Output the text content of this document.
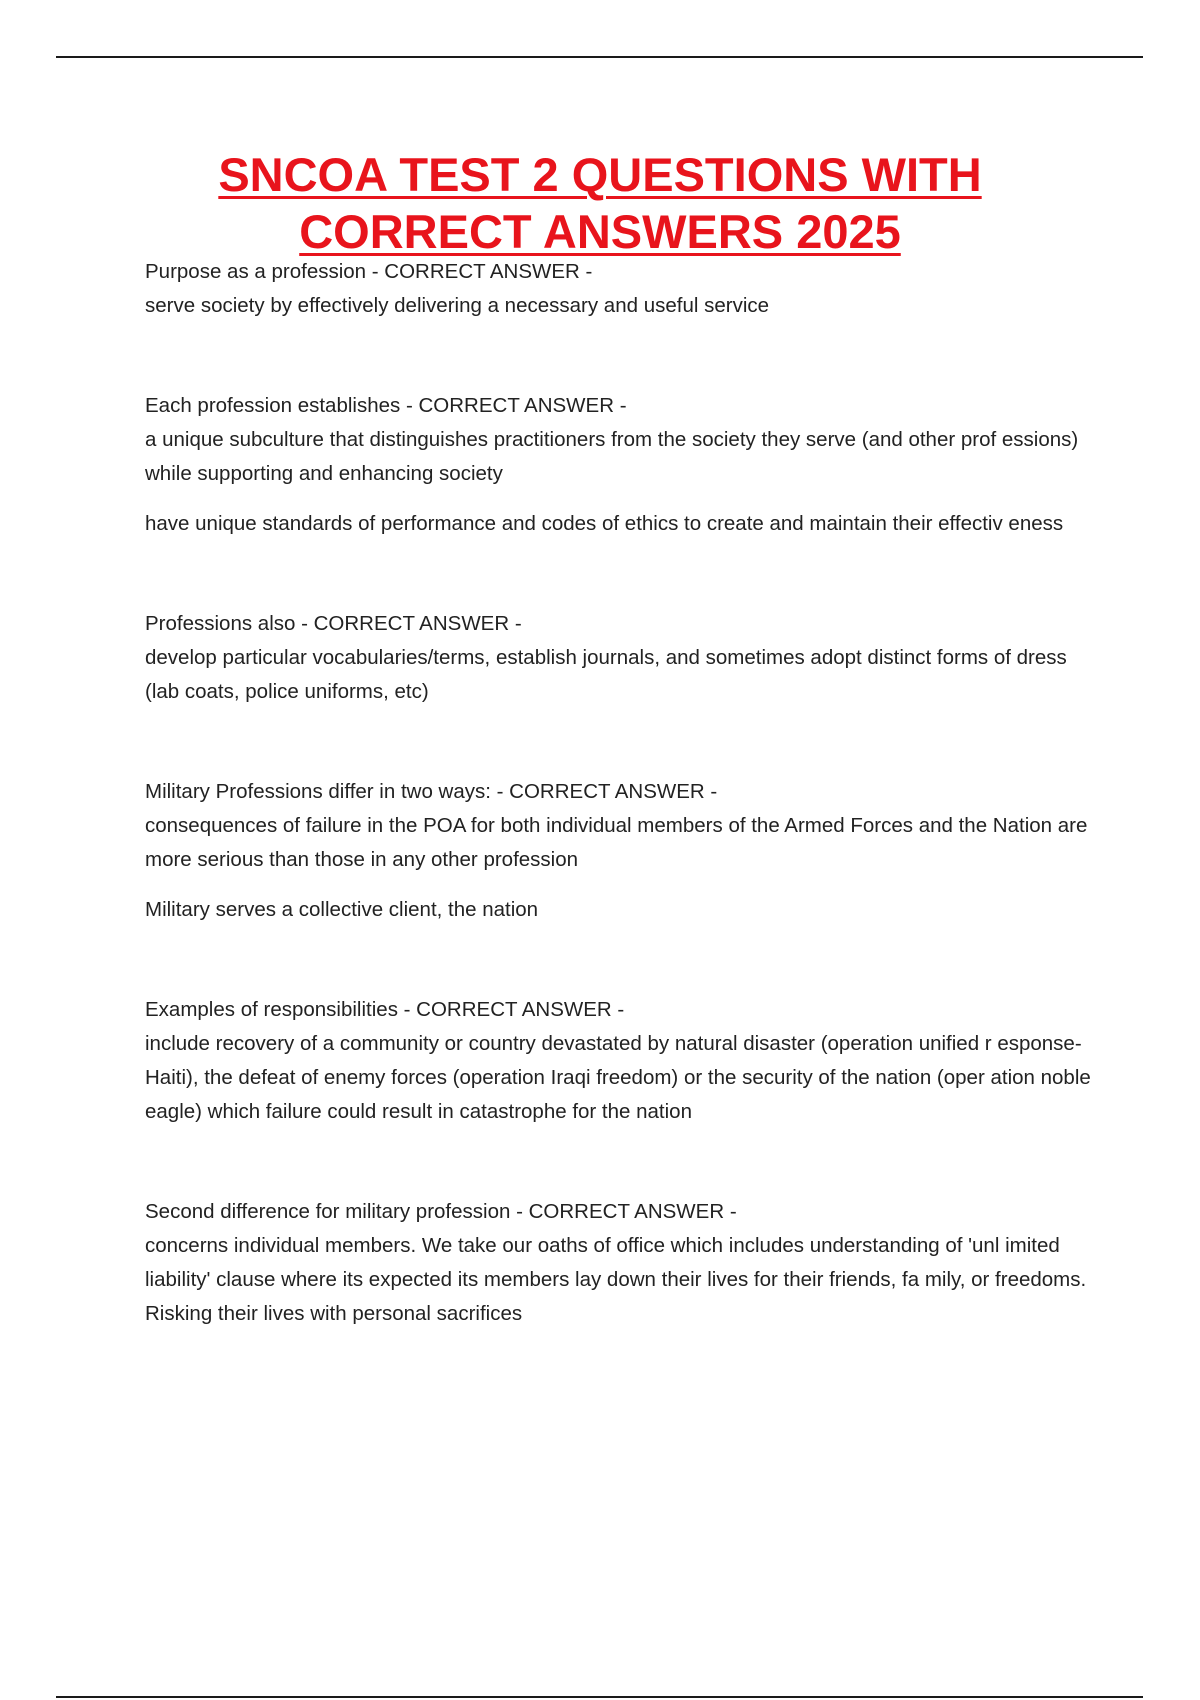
SNCOA TEST 2 QUESTIONS WITH
CORRECT ANSWERS 2025

Purpose as a profession - CORRECT ANSWER -

serve society by effectively delivering a necessary and useful service

Each profession establishes - CORRECT ANSWER -

a unique subculture that distinguishes practitioners from the society they serve (and other prof essions) while supporting and enhancing society

have unique standards of performance and codes of ethics to create and maintain their effectiv eness

Professions also - CORRECT ANSWER -

develop particular vocabularies/terms, establish journals, and sometimes adopt distinct forms of dress (lab coats, police uniforms, etc)

Military Professions differ in two ways: - CORRECT ANSWER -

consequences of failure in the POA for both individual members of the Armed Forces and the Nation are more serious than those in any other profession

Military serves a collective client, the nation

Examples of responsibilities - CORRECT ANSWER -

include recovery of a community or country devastated by natural disaster (operation unified r esponse- Haiti), the defeat of enemy forces (operation Iraqi freedom) or the security of the nation (oper ation noble eagle) which failure could result in catastrophe for the nation

Second difference for military profession - CORRECT ANSWER -

concerns individual members. We take our oaths of office which includes understanding of 'unl imited liability' clause where its expected its members lay down their lives for their friends, fa mily, or freedoms. Risking their lives with personal sacrifices
